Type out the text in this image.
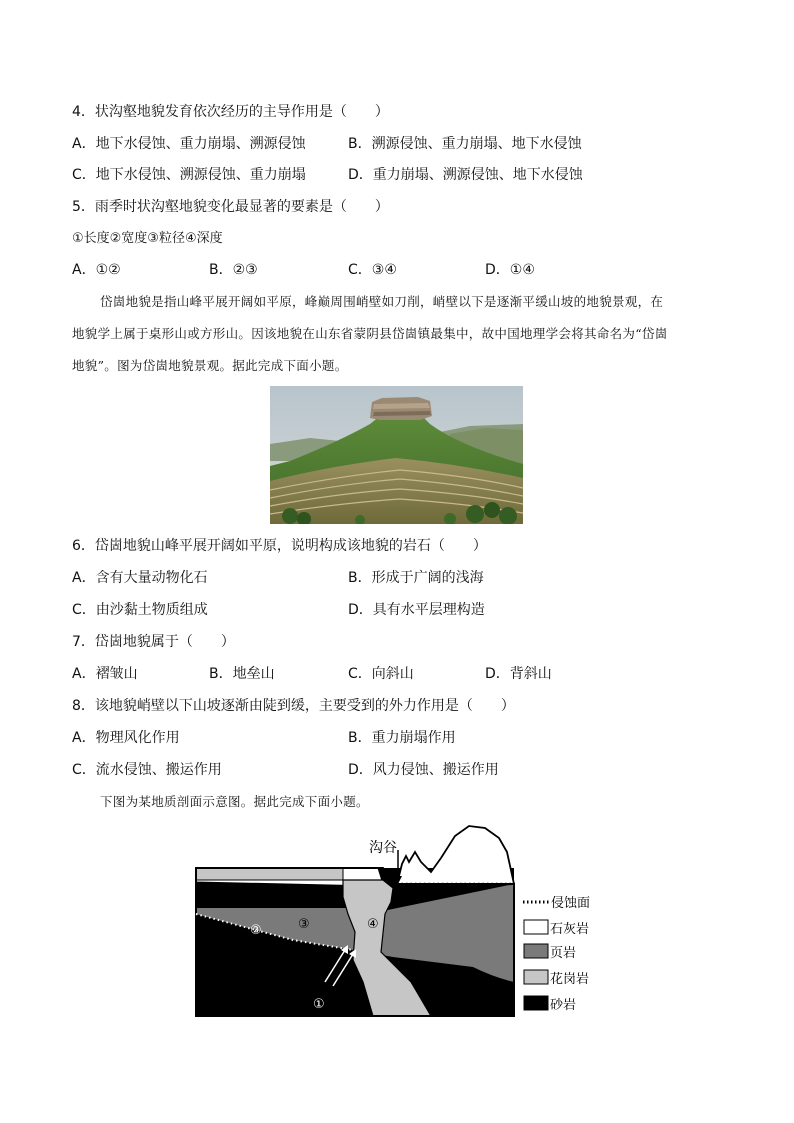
4．状沟壑地貌发育依次经历的主导作用是（　　）
A．地下水侵蚀、重力崩塌、溯源侵蚀	B．溯源侵蚀、重力崩塌、地下水侵蚀
C．地下水侵蚀、溯源侵蚀、重力崩塌	D．重力崩塌、溯源侵蚀、地下水侵蚀
5．雨季时状沟壑地貌变化最显著的要素是（　　）
①长度②宽度③粒径④深度
A．①②	B．②③	C．③④	D．①④
岱崮地貌是指山峰平展开阔如平原，峰巅周围峭壁如刀削，峭壁以下是逐渐平缓山坡的地貌景观，在
地貌学上属于桌形山或方形山。因该地貌在山东省蒙阴县岱崮镇最集中，故中国地理学会将其命名为“岱崮
地貌”。图为岱崮地貌景观。据此完成下面小题。
6．岱崮地貌山峰平展开阔如平原，说明构成该地貌的岩石（　　）
A．含有大量动物化石	B．形成于广阔的浅海
C．由沙黏土物质组成	D．具有水平层理构造
7．岱崮地貌属于（　　）
A．褶皱山	B．地垒山	C．向斜山	D．背斜山
8．该地貌峭壁以下山坡逐渐由陡到缓，主要受到的外力作用是（　　）
A．物理风化作用	B．重力崩塌作用
C．流水侵蚀、搬运作用	D．风力侵蚀、搬运作用
下图为某地质剖面示意图。据此完成下面小题。
沟谷
①
②	③	④
侵蚀面
石灰岩
页岩
花岗岩
砂岩
